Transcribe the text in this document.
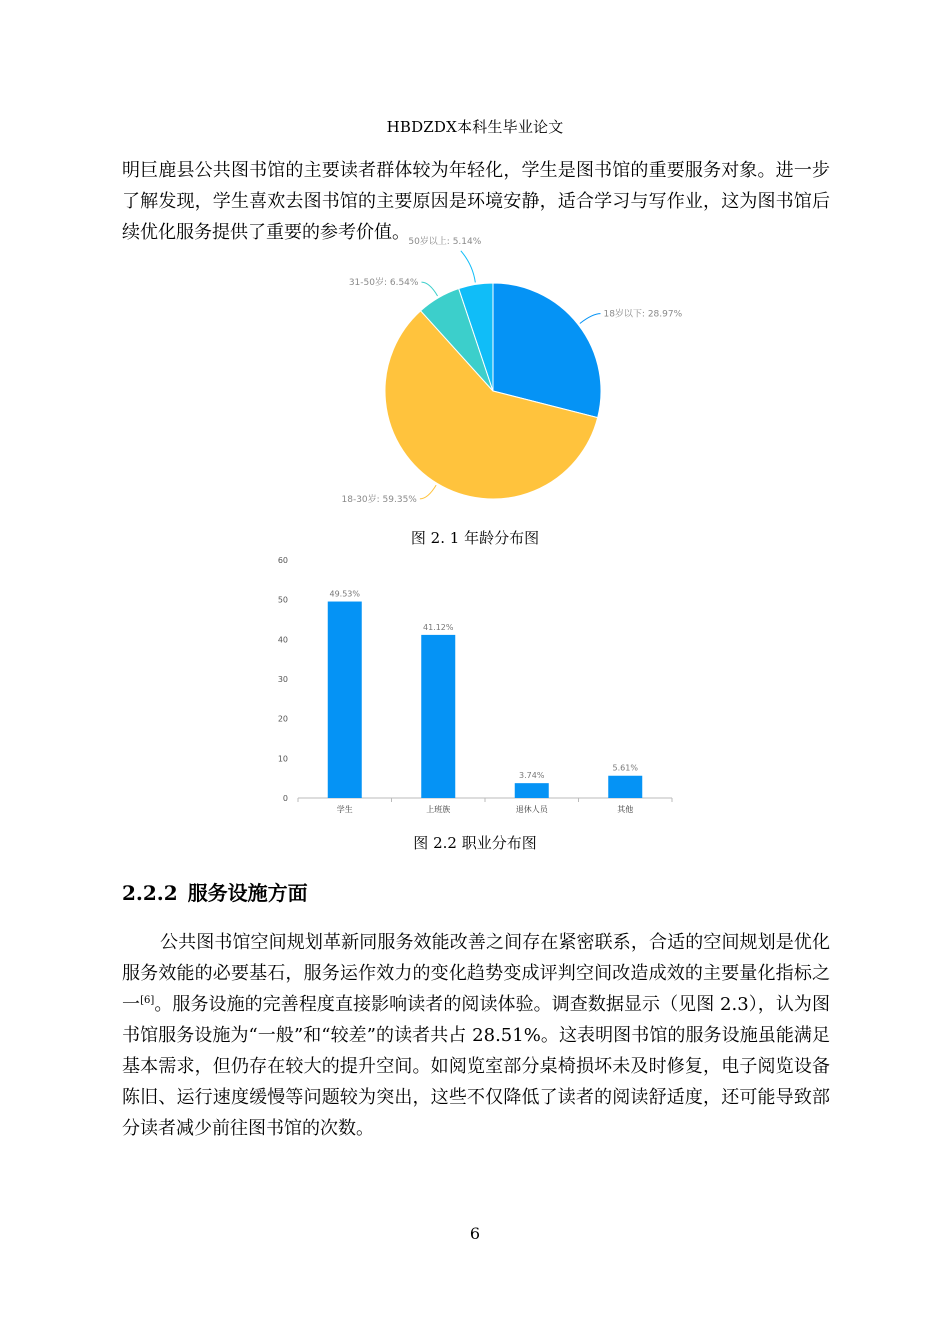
HBDZDX本科生毕业论文

明巨鹿县公共图书馆的主要读者群体较为年轻化，学生是图书馆的重要服务对象。进一步了解发现，学生喜欢去图书馆的主要原因是环境安静，适合学习与写作业，这为图书馆后续优化服务提供了重要的参考价值。

18岁以下: 28.97%
18-30岁: 59.35%
31-50岁: 6.54%
50岁以上: 5.14%
图 2. 1 年龄分布图
0
10
20
30
40
50
60
49.53%
学生
41.12%
上班族
3.74%
退休人员
5.61%
其他
图 2.2 职业分布图
2.2.2 服务设施方面

公共图书馆空间规划革新同服务效能改善之间存在紧密联系，合适的空间规划是优化服务效能的必要基石，服务运作效力的变化趋势变成评判空间改造成效的主要量化指标之一[6]。服务设施的完善程度直接影响读者的阅读体验。调查数据显示（见图 2.3），认为图书馆服务设施为“一般”和“较差”的读者共占 28.51%。这表明图书馆的服务设施虽能满足基本需求，但仍存在较大的提升空间。如阅览室部分桌椅损坏未及时修复，电子阅览设备陈旧、运行速度缓慢等问题较为突出，这些不仅降低了读者的阅读舒适度，还可能导致部分读者减少前往图书馆的次数。

6
